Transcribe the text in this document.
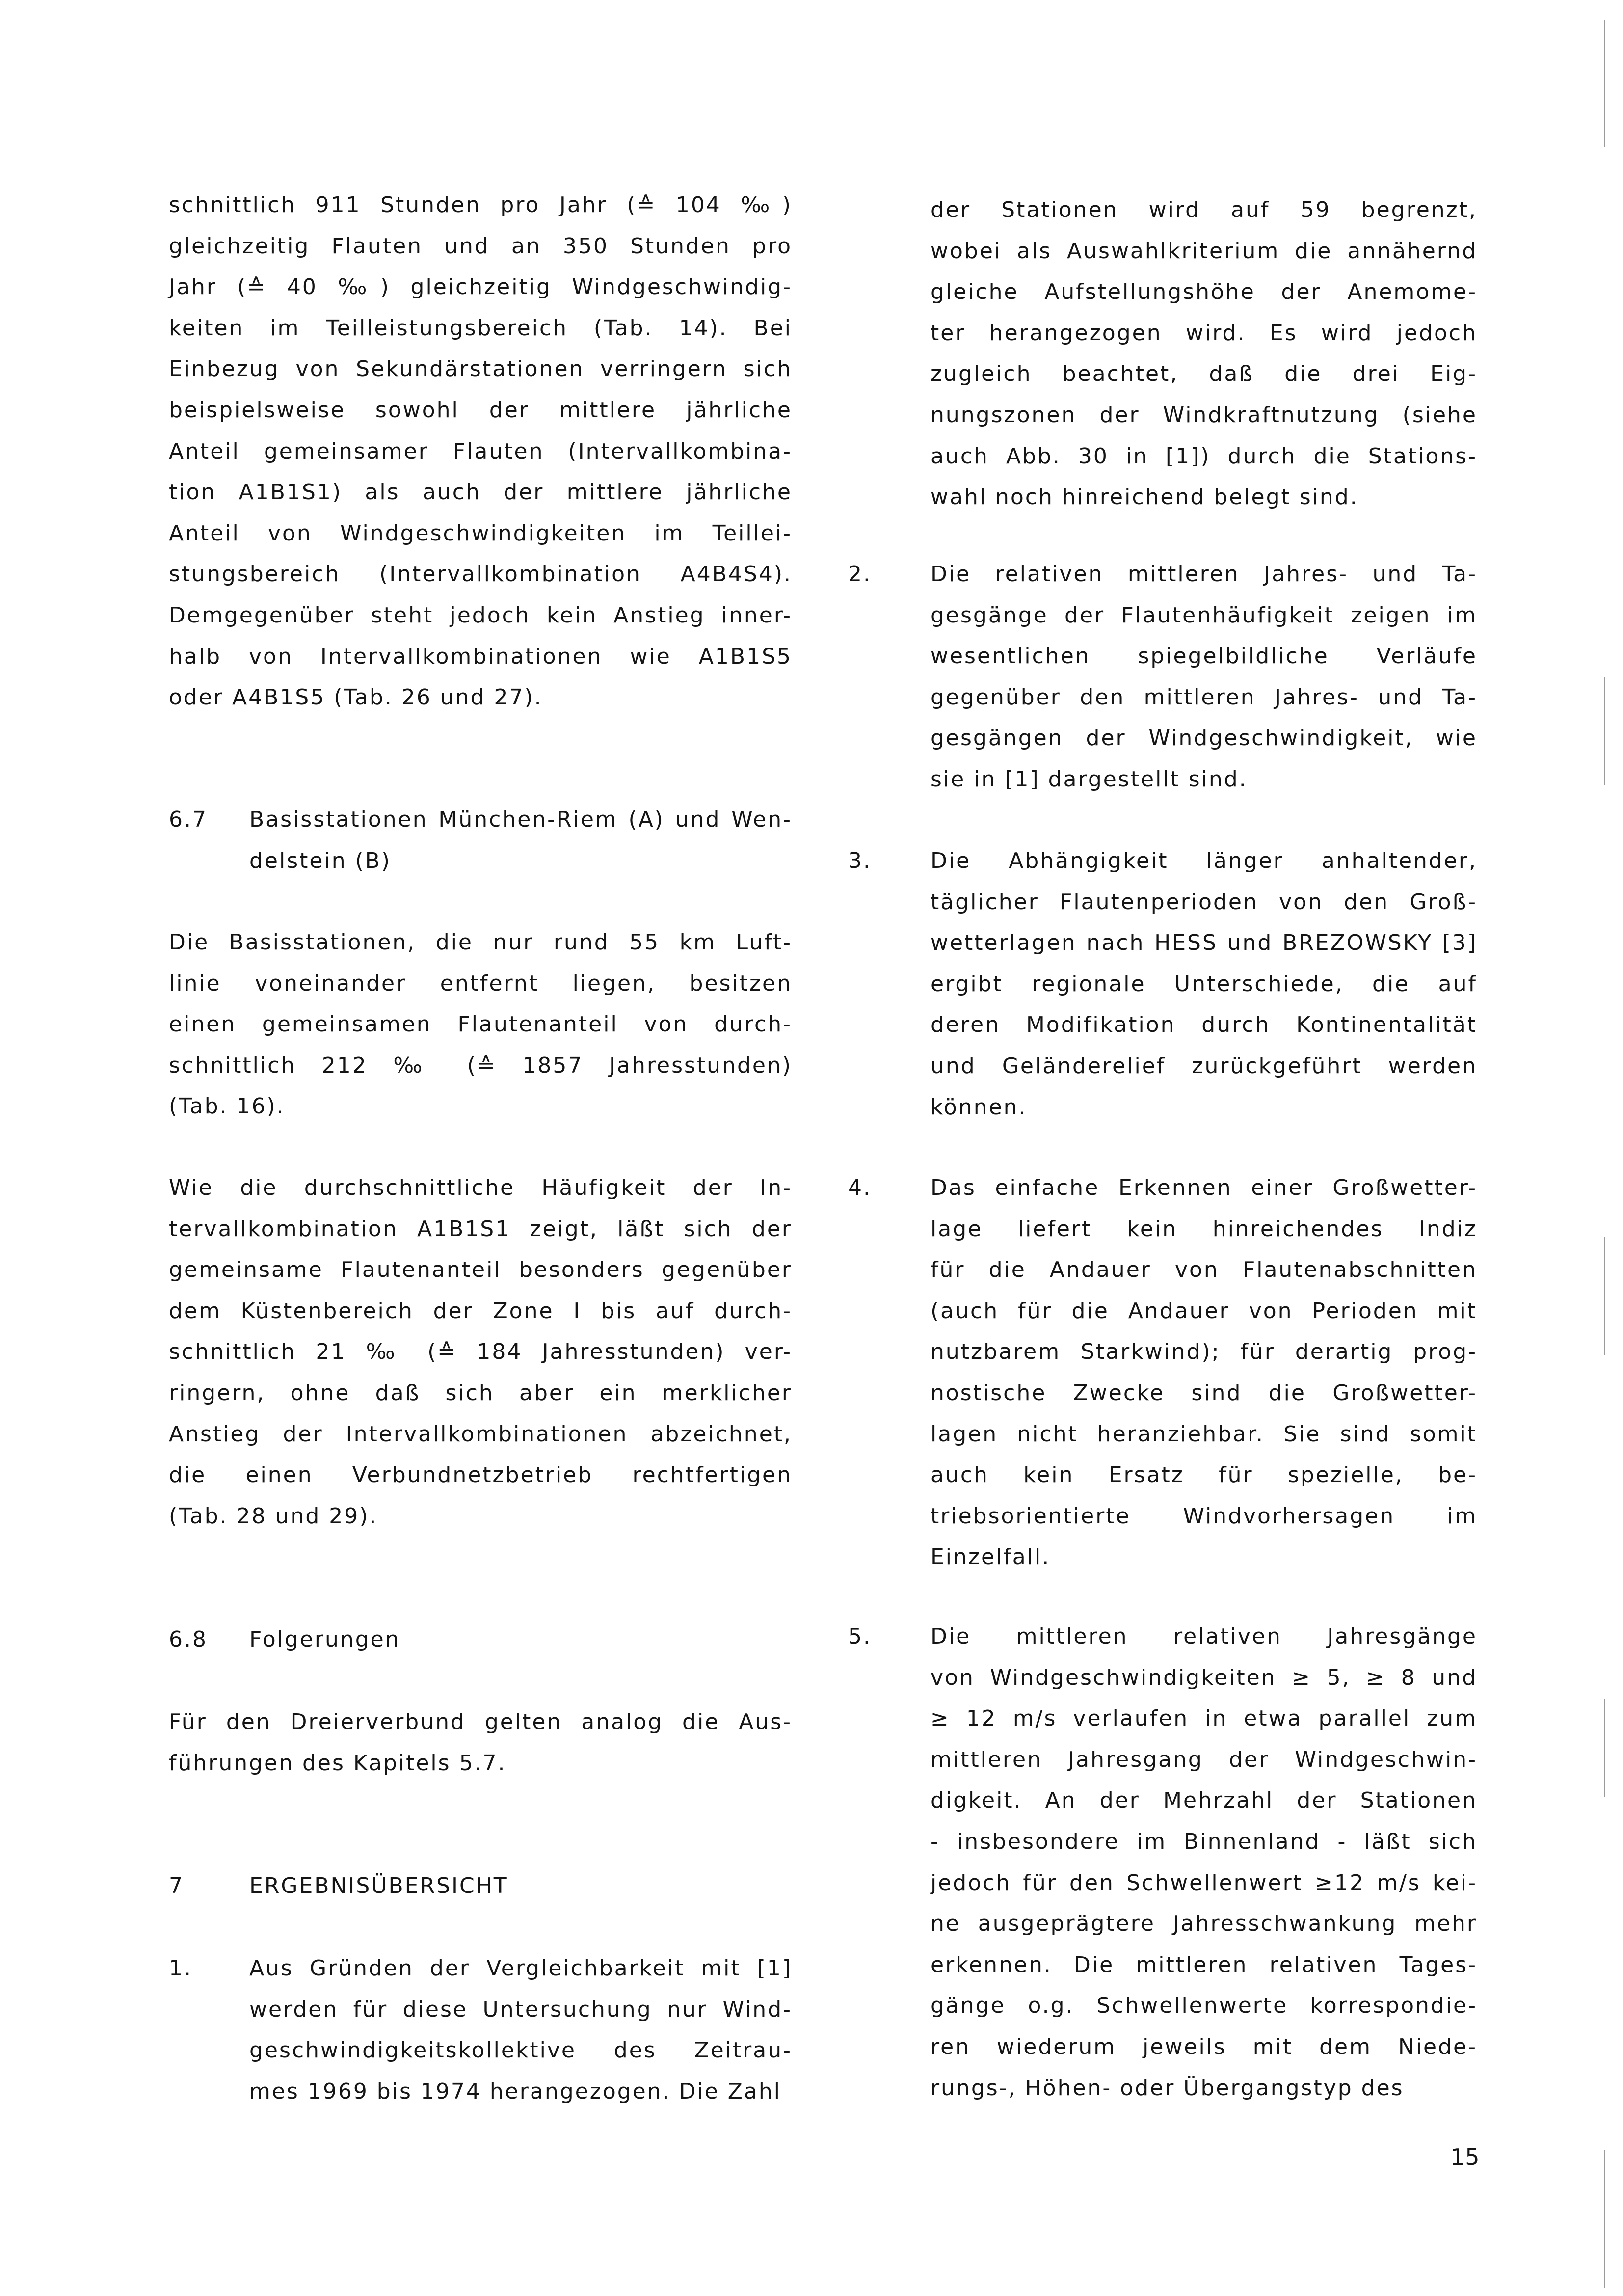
schnittlich 911 Stunden pro Jahr (≙ 104 ‰)
gleichzeitig Flauten und an 350 Stunden pro
Jahr (≙ 40 ‰) gleichzeitig Windgeschwindig-
keiten im Teilleistungsbereich (Tab. 14). Bei
Einbezug von Sekundärstationen verringern sich
beispielsweise sowohl der mittlere jährliche
Anteil gemeinsamer Flauten (Intervallkombina-
tion A1B1S1) als auch der mittlere jährliche
Anteil von Windgeschwindigkeiten im Teillei-
stungsbereich (Intervallkombination A4B4S4).
Demgegenüber steht jedoch kein Anstieg inner-
halb von Intervallkombinationen wie A1B1S5
oder A4B1S5 (Tab. 26 und 27).
6.7 Basisstationen München-Riem (A) und Wen-
delstein (B)
Die Basisstationen, die nur rund 55 km Luft-
linie voneinander entfernt liegen, besitzen
einen gemeinsamen Flautenanteil von durch-
schnittlich 212 ‰ (≙ 1857 Jahresstunden)
(Tab. 16).
Wie die durchschnittliche Häufigkeit der In-
tervallkombination A1B1S1 zeigt, läßt sich der
gemeinsame Flautenanteil besonders gegenüber
dem Küstenbereich der Zone I bis auf durch-
schnittlich 21 ‰ (≙ 184 Jahresstunden) ver-
ringern, ohne daß sich aber ein merklicher
Anstieg der Intervallkombinationen abzeichnet,
die einen Verbundnetzbetrieb rechtfertigen
(Tab. 28 und 29).
6.8 Folgerungen
Für den Dreierverbund gelten analog die Aus-
führungen des Kapitels 5.7.
7	ERGEBNISÜBERSICHT
1.	Aus Gründen der Vergleichbarkeit mit [1]
werden für diese Untersuchung nur Wind-
geschwindigkeitskollektive des Zeitrau-
mes 1969 bis 1974 herangezogen. Die Zahl
der Stationen wird auf 59 begrenzt,
wobei als Auswahlkriterium die annähernd
gleiche Aufstellungshöhe der Anemome-
ter herangezogen wird. Es wird jedoch
zugleich beachtet, daß die drei Eig-
nungszonen der Windkraftnutzung (siehe
auch Abb. 30 in [1]) durch die Stations-
wahl noch hinreichend belegt sind.
2.	Die relativen mittleren Jahres- und Ta-
gesgänge der Flautenhäufigkeit zeigen im
wesentlichen spiegelbildliche Verläufe
gegenüber den mittleren Jahres- und Ta-
gesgängen der Windgeschwindigkeit, wie
sie in [1] dargestellt sind.
3.	Die Abhängigkeit länger anhaltender,
täglicher Flautenperioden von den Groß-
wetterlagen nach HESS und BREZOWSKY [3]
ergibt regionale Unterschiede, die auf
deren Modifikation durch Kontinentalität
und Geländerelief zurückgeführt werden
können.
4.	Das einfache Erkennen einer Großwetter-
lage liefert kein hinreichendes Indiz
für die Andauer von Flautenabschnitten
(auch für die Andauer von Perioden mit
nutzbarem Starkwind); für derartig prog-
nostische Zwecke sind die Großwetter-
lagen nicht heranziehbar. Sie sind somit
auch kein Ersatz für spezielle, be-
triebsorientierte Windvorhersagen im
Einzelfall.
5.	Die mittleren relativen Jahresgänge
von Windgeschwindigkeiten ≥ 5, ≥ 8 und
≥ 12 m/s verlaufen in etwa parallel zum
mittleren Jahresgang der Windgeschwin-
digkeit. An der Mehrzahl der Stationen
- insbesondere im Binnenland - läßt sich
jedoch für den Schwellenwert ≥12 m/s kei-
ne ausgeprägtere Jahresschwankung mehr
erkennen. Die mittleren relativen Tages-
gänge o.g. Schwellenwerte korrespondie-
ren wiederum jeweils mit dem Niede-
rungs-, Höhen- oder Übergangstyp des
15
